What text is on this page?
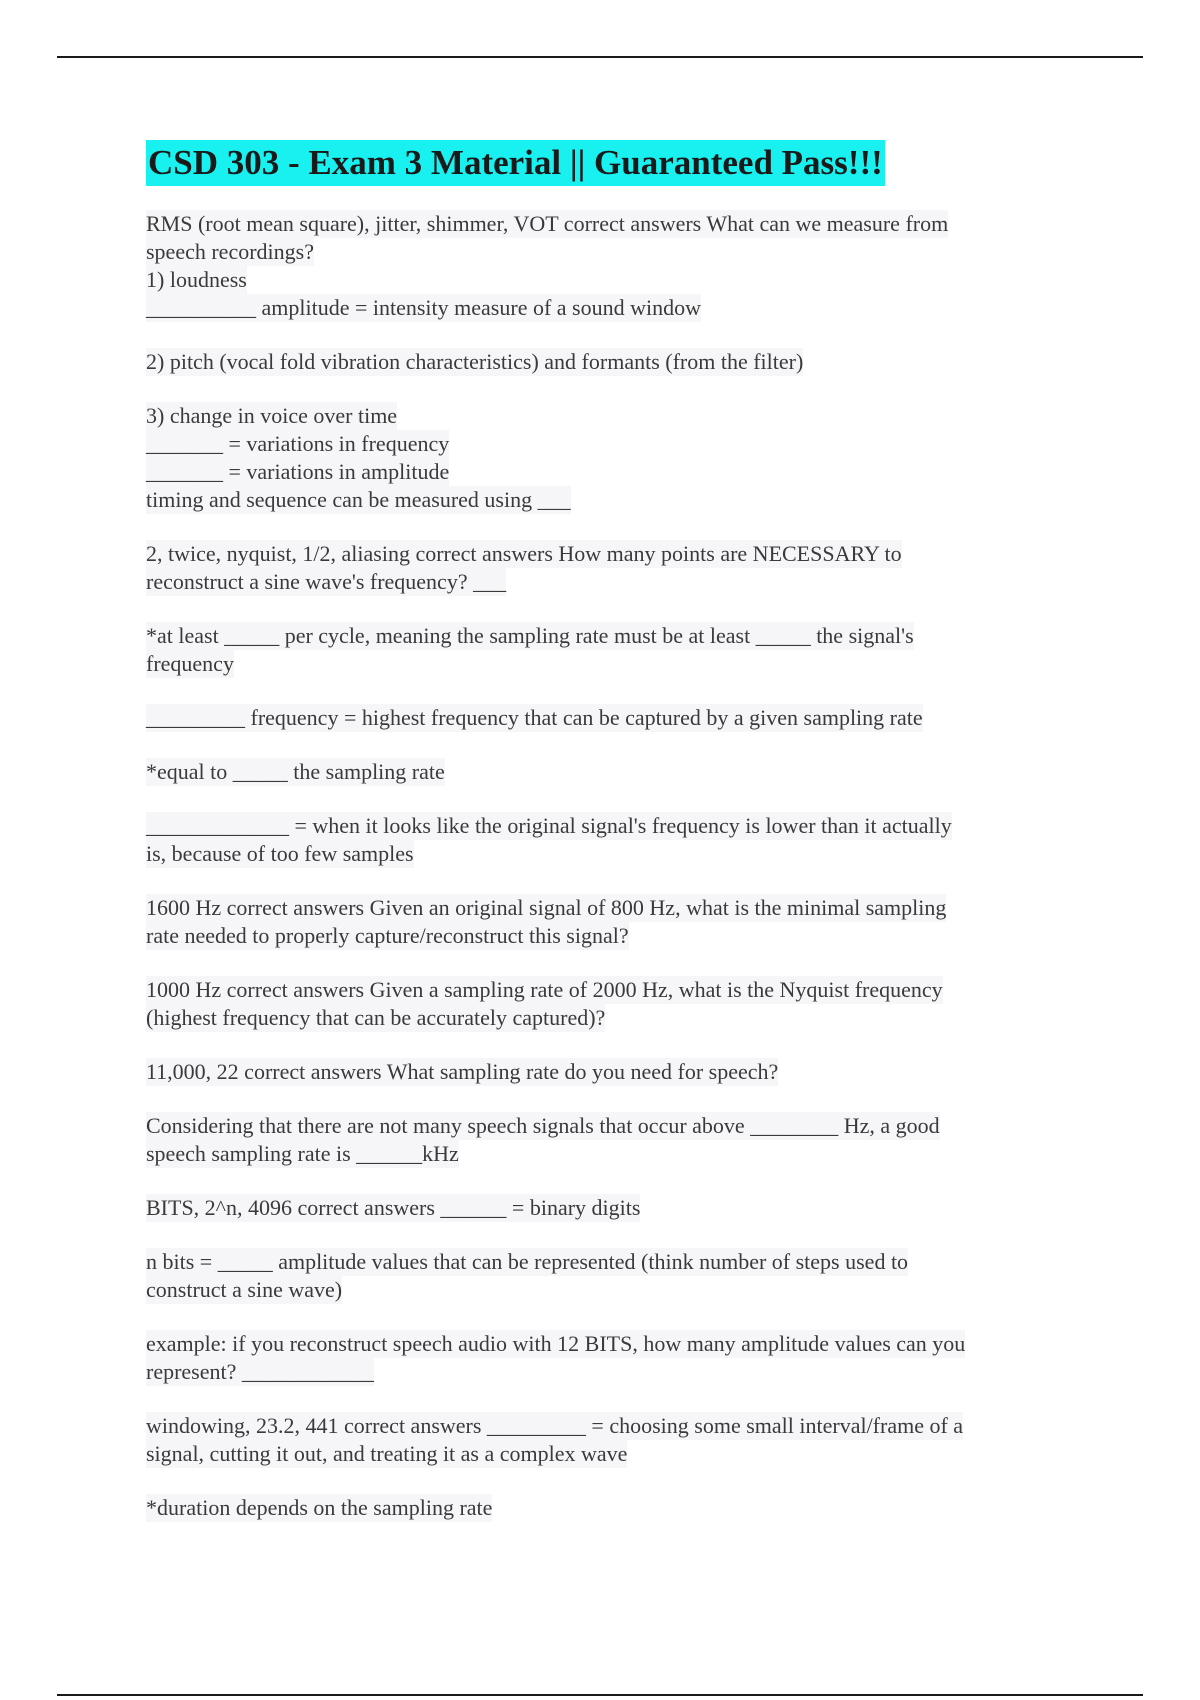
CSD 303 - Exam 3 Material || Guaranteed Pass!!!
RMS (root mean square), jitter, shimmer, VOT correct answers What can we measure from
speech recordings?
1) loudness
__________ amplitude = intensity measure of a sound window
2) pitch (vocal fold vibration characteristics) and formants (from the filter)
3) change in voice over time
_______ = variations in frequency
_______ = variations in amplitude
timing and sequence can be measured using ___
2, twice, nyquist, 1/2, aliasing correct answers How many points are NECESSARY to
reconstruct a sine wave's frequency? ___
*at least _____ per cycle, meaning the sampling rate must be at least _____ the signal's
frequency
_________ frequency = highest frequency that can be captured by a given sampling rate
*equal to _____ the sampling rate
_____________ = when it looks like the original signal's frequency is lower than it actually
is, because of too few samples
1600 Hz correct answers Given an original signal of 800 Hz, what is the minimal sampling
rate needed to properly capture/reconstruct this signal?
1000 Hz correct answers Given a sampling rate of 2000 Hz, what is the Nyquist frequency
(highest frequency that can be accurately captured)?
11,000, 22 correct answers What sampling rate do you need for speech?
Considering that there are not many speech signals that occur above ________ Hz, a good
speech sampling rate is ______kHz
BITS, 2^n, 4096 correct answers ______ = binary digits
n bits = _____ amplitude values that can be represented (think number of steps used to
construct a sine wave)
example: if you reconstruct speech audio with 12 BITS, how many amplitude values can you
represent? ____________
windowing, 23.2, 441 correct answers _________ = choosing some small interval/frame of a
signal, cutting it out, and treating it as a complex wave
*duration depends on the sampling rate
